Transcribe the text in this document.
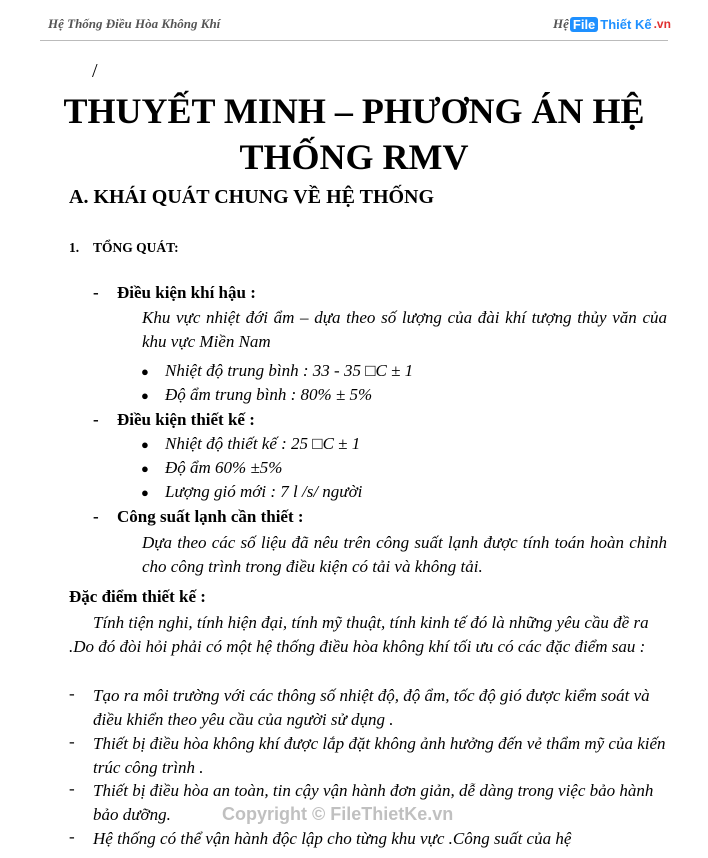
Hệ Thống Điều Hòa Không Khí	Hệ File Thiết Kế .vn
/
THUYẾT MINH – PHƯƠNG ÁN HỆ
THỐNG RMV
A. KHÁI QUÁT CHUNG VỀ HỆ THỐNG
1. TỔNG QUÁT:
- Điều kiện khí hậu :
Khu vực nhiệt đới ẩm – dựa theo số lượng của đài khí tượng thủy văn của khu vực Miền Nam
● Nhiệt độ trung bình : 33 - 35 □C ± 1
● Độ ẩm trung bình : 80% ± 5%
- Điều kiện thiết kế :
● Nhiệt độ thiết kế : 25 □C ± 1
● Độ ẩm 60% ±5%
● Lượng gió mới : 7 l /s/ người
- Công suất lạnh cần thiết :
Dựa theo các số liệu đã nêu trên công suất lạnh được tính toán hoàn chỉnh cho công trình trong điều kiện có tải và không tải.
Đặc điểm thiết kế :
Tính tiện nghi, tính hiện đại, tính mỹ thuật, tính kinh tế đó là những yêu cầu đề ra .Do đó đòi hỏi phải có một hệ thống điều hòa không khí tối ưu có các đặc điểm sau :
- Tạo ra môi trường với các thông số nhiệt độ, độ ẩm, tốc độ gió được kiểm soát và điều khiển theo yêu cầu của người sử dụng .
- Thiết bị điều hòa không khí được lắp đặt không ảnh hưởng đến vẻ thẩm mỹ của kiến trúc công trình .
- Thiết bị điều hòa an toàn, tin cậy vận hành đơn giản, dễ dàng trong việc bảo hành bảo dưỡng.
- Hệ thống có thể vận hành độc lập cho từng khu vực .Công suất của hệ
Copyright © FileThietKe.vn
